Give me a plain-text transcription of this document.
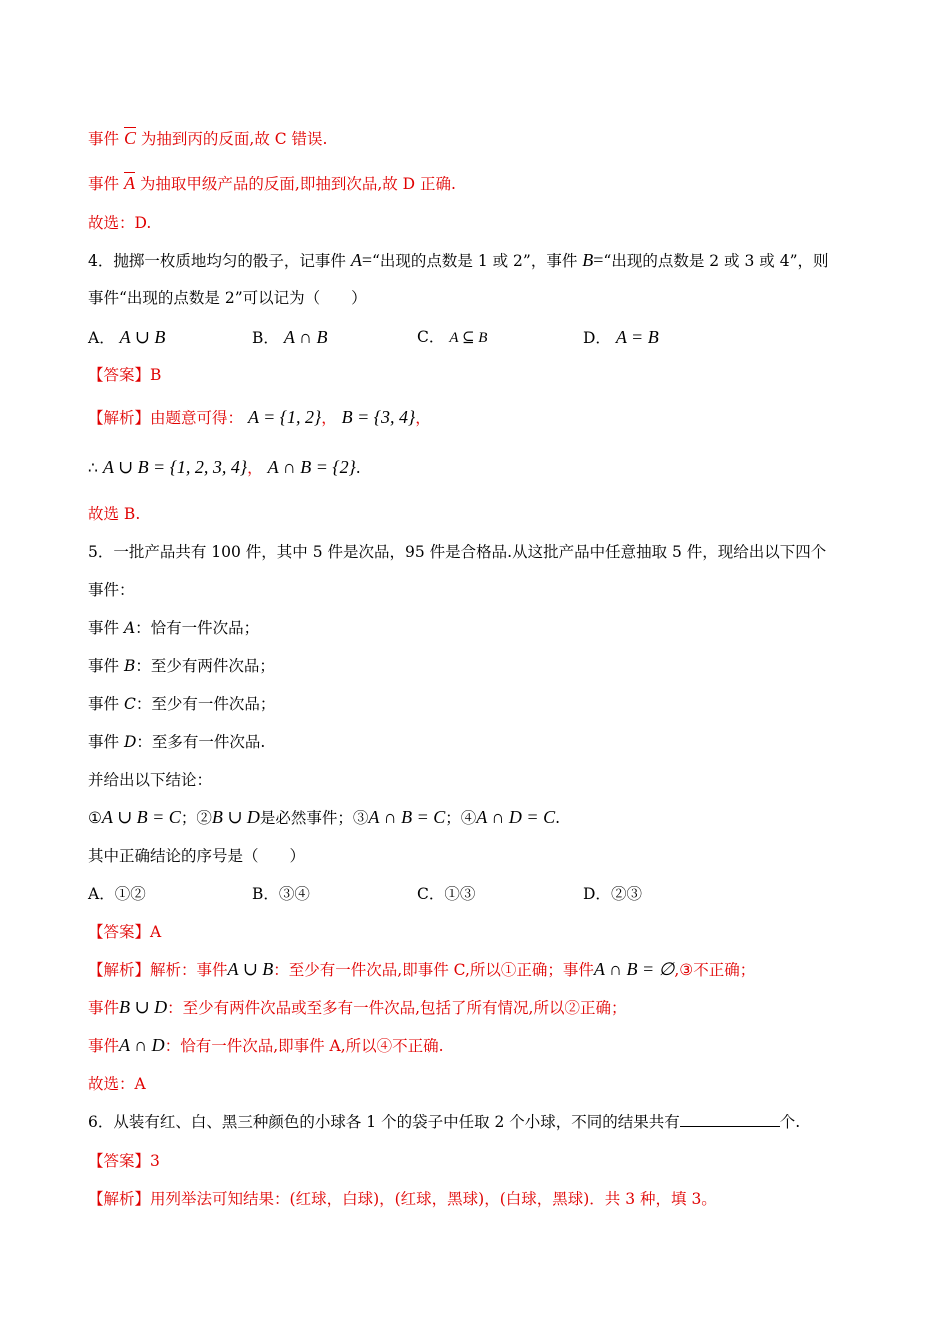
事件 C 为抽到丙的反面,故 C 错误.
事件 A 为抽取甲级产品的反面,即抽到次品,故 D 正确.
故选：D.
4．抛掷一枚质地均匀的骰子，记事件 A=“出现的点数是 1 或 2”，事件 B=“出现的点数是 2 或 3 或 4”，则
事件“出现的点数是 2”可以记为（　　）
A． A ∪ B	B． A ∩ B	C． A ⊆ B	D． A = B
【答案】B
【解析】由题意可得： A = {1, 2}， B = {3, 4}，
∴ A ∪ B = {1, 2, 3, 4}， A ∩ B = {2}.
故选 B.
5．一批产品共有 100 件，其中 5 件是次品，95 件是合格品.从这批产品中任意抽取 5 件，现给出以下四个
事件：
事件 A：恰有一件次品；
事件 B：至少有两件次品；
事件 C：至少有一件次品；
事件 D：至多有一件次品.
并给出以下结论：
①A ∪ B = C；②B ∪ D是必然事件；③A ∩ B = C；④A ∩ D = C.
其中正确结论的序号是（　　）
A．①②	B．③④	C．①③	D．②③
【答案】A
【解析】解析：事件A ∪ B：至少有一件次品,即事件 C,所以①正确；事件A ∩ B = ∅,③不正确；
事件B ∪ D：至少有两件次品或至多有一件次品,包括了所有情况,所以②正确；
事件A ∩ D：恰有一件次品,即事件 A,所以④不正确.
故选：A
6．从装有红、白、黑三种颜色的小球各 1 个的袋子中任取 2 个小球，不同的结果共有	个.
【答案】3
【解析】用列举法可知结果：(红球，白球)，(红球，黑球)，(白球，黑球)．共 3 种，填 3。
